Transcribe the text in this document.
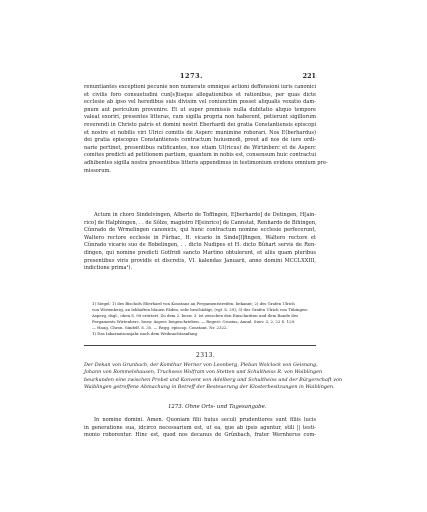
1273.	221
renuntiantes exceptioni pecunie non numerate omnique actioni deffensioni iuris canonici
et civilis foro consuetudini cun[s]tisque allegationibus et rationibus, per quas dicte
ecclesie ab ipso vel heredibus suis divisim vel coniunctim posset aliqualis vexatio dam-
pnum aut periculum provenire. Et ut super premissis nulla dubitatio aliquo tempore
valeat exoriri, presentes litteras, cum sigilla propria non haberent, petierunt sigillorum
reverendi in Christo patris et domini nostri Eberhardi dei gratia Constantiensis episcopi
et nostre et nobilis viri Ulrici comitis de Asperc munimine roborari. Nos E(berhardus)
dei gratia episcopus Constantiensis contractum huiusmodi, prout ad nos de iure ordi-
narie pertinet, presentibus ratificantes, nos etiam Ul(ricus) de Wirtinberc et de Asperc
comites predicti ad petitionem partium, quantum in nobis est, consensum huic contractui
adhibentes sigilla nostra presentibus litteris appendimus in testimonium evidens omnium pre-
missorum.
Actum in choro Sindelvingen, Alberto de Toffingen, E[berhardo] de Detingen, H[ain-
rico] de Halphingen, . . de Sôlze, magistro H[einrico] de Cannstat, Renhardo de Bihingen,
Cûnrado de Wrmelingen canonicis, qui hunc contractum nomine ecclesie perfecerunt,
Waltero rectore ecclesie in Fûrbac, H. vicario in Sinde[l]fingen, Waltero rectore et
Cûnrado vicario suo de Bobelingen, . . dicto Nudipes et H. dicto Bûhart servis de Ren-
dingen, qui nomine predicti Gotfridi sancto Martino obtulerunt, et aliis quam pluribus
presentibus viris providis et discretis, VI. kalendas Januarii, anno domini MCCLXXIII,
indictione prima¹).
1) Siegel: 1) des Bischofs Eberhard von Konstanz an Pergamentstreifen, bekannt; 2) des Grafen Ulrich
von Wirtenberg, an lebhaften blauen Fäden, sehr beschädigt, (vgl. S. 29); 3) des Grafen Ulrich von Tübingen-
Asperg, dsgl., oben S. 99 erörtert. Zu dem 2. bezw. 3. ist zwischen den Einschnitten und dem Rande des
Pergaments Wirtenberc, bezw. Asperc beigeschrieben. — Regest: Crusius, Annal. Suev. 3, 2, 22 S. 129.
— Haug, Chron. Sindelf. S. 35. — Regg. episcop. Constant. Nr. 2322.
1) Das Inkarnationsjahr nach dem Weihnachtsanfang.
2313.
Der Dekan von Grunbach, der Komthur Werner von Leonberg, Pleban Wolclock von Geisnang,
Johann von Rommelshausen, Truchsess Wolfram von Stetten und Schultheiss R. von Waiblingen
beurkunden eine zwischen Probst und Konvent von Adelberg und Schultheiss und der Bürgerschaft von
Waiblingen getroffene Abmachung in Betreff der Besteuerung der Klosterbesitzungen in Waiblingen.
1273. Ohne Orts- und Tagesangabe.
In nomine domini. Amen. Quoniam filii huius seculi prudentiores sunt filiis lucis
in generatione sua, idcirco necessarium est, ut ea, que ab ipsis aguntur, stili || testi-
monio roborentur. Hinc est, quod nos decanus de Grûnbach, frater Wernherus com-
